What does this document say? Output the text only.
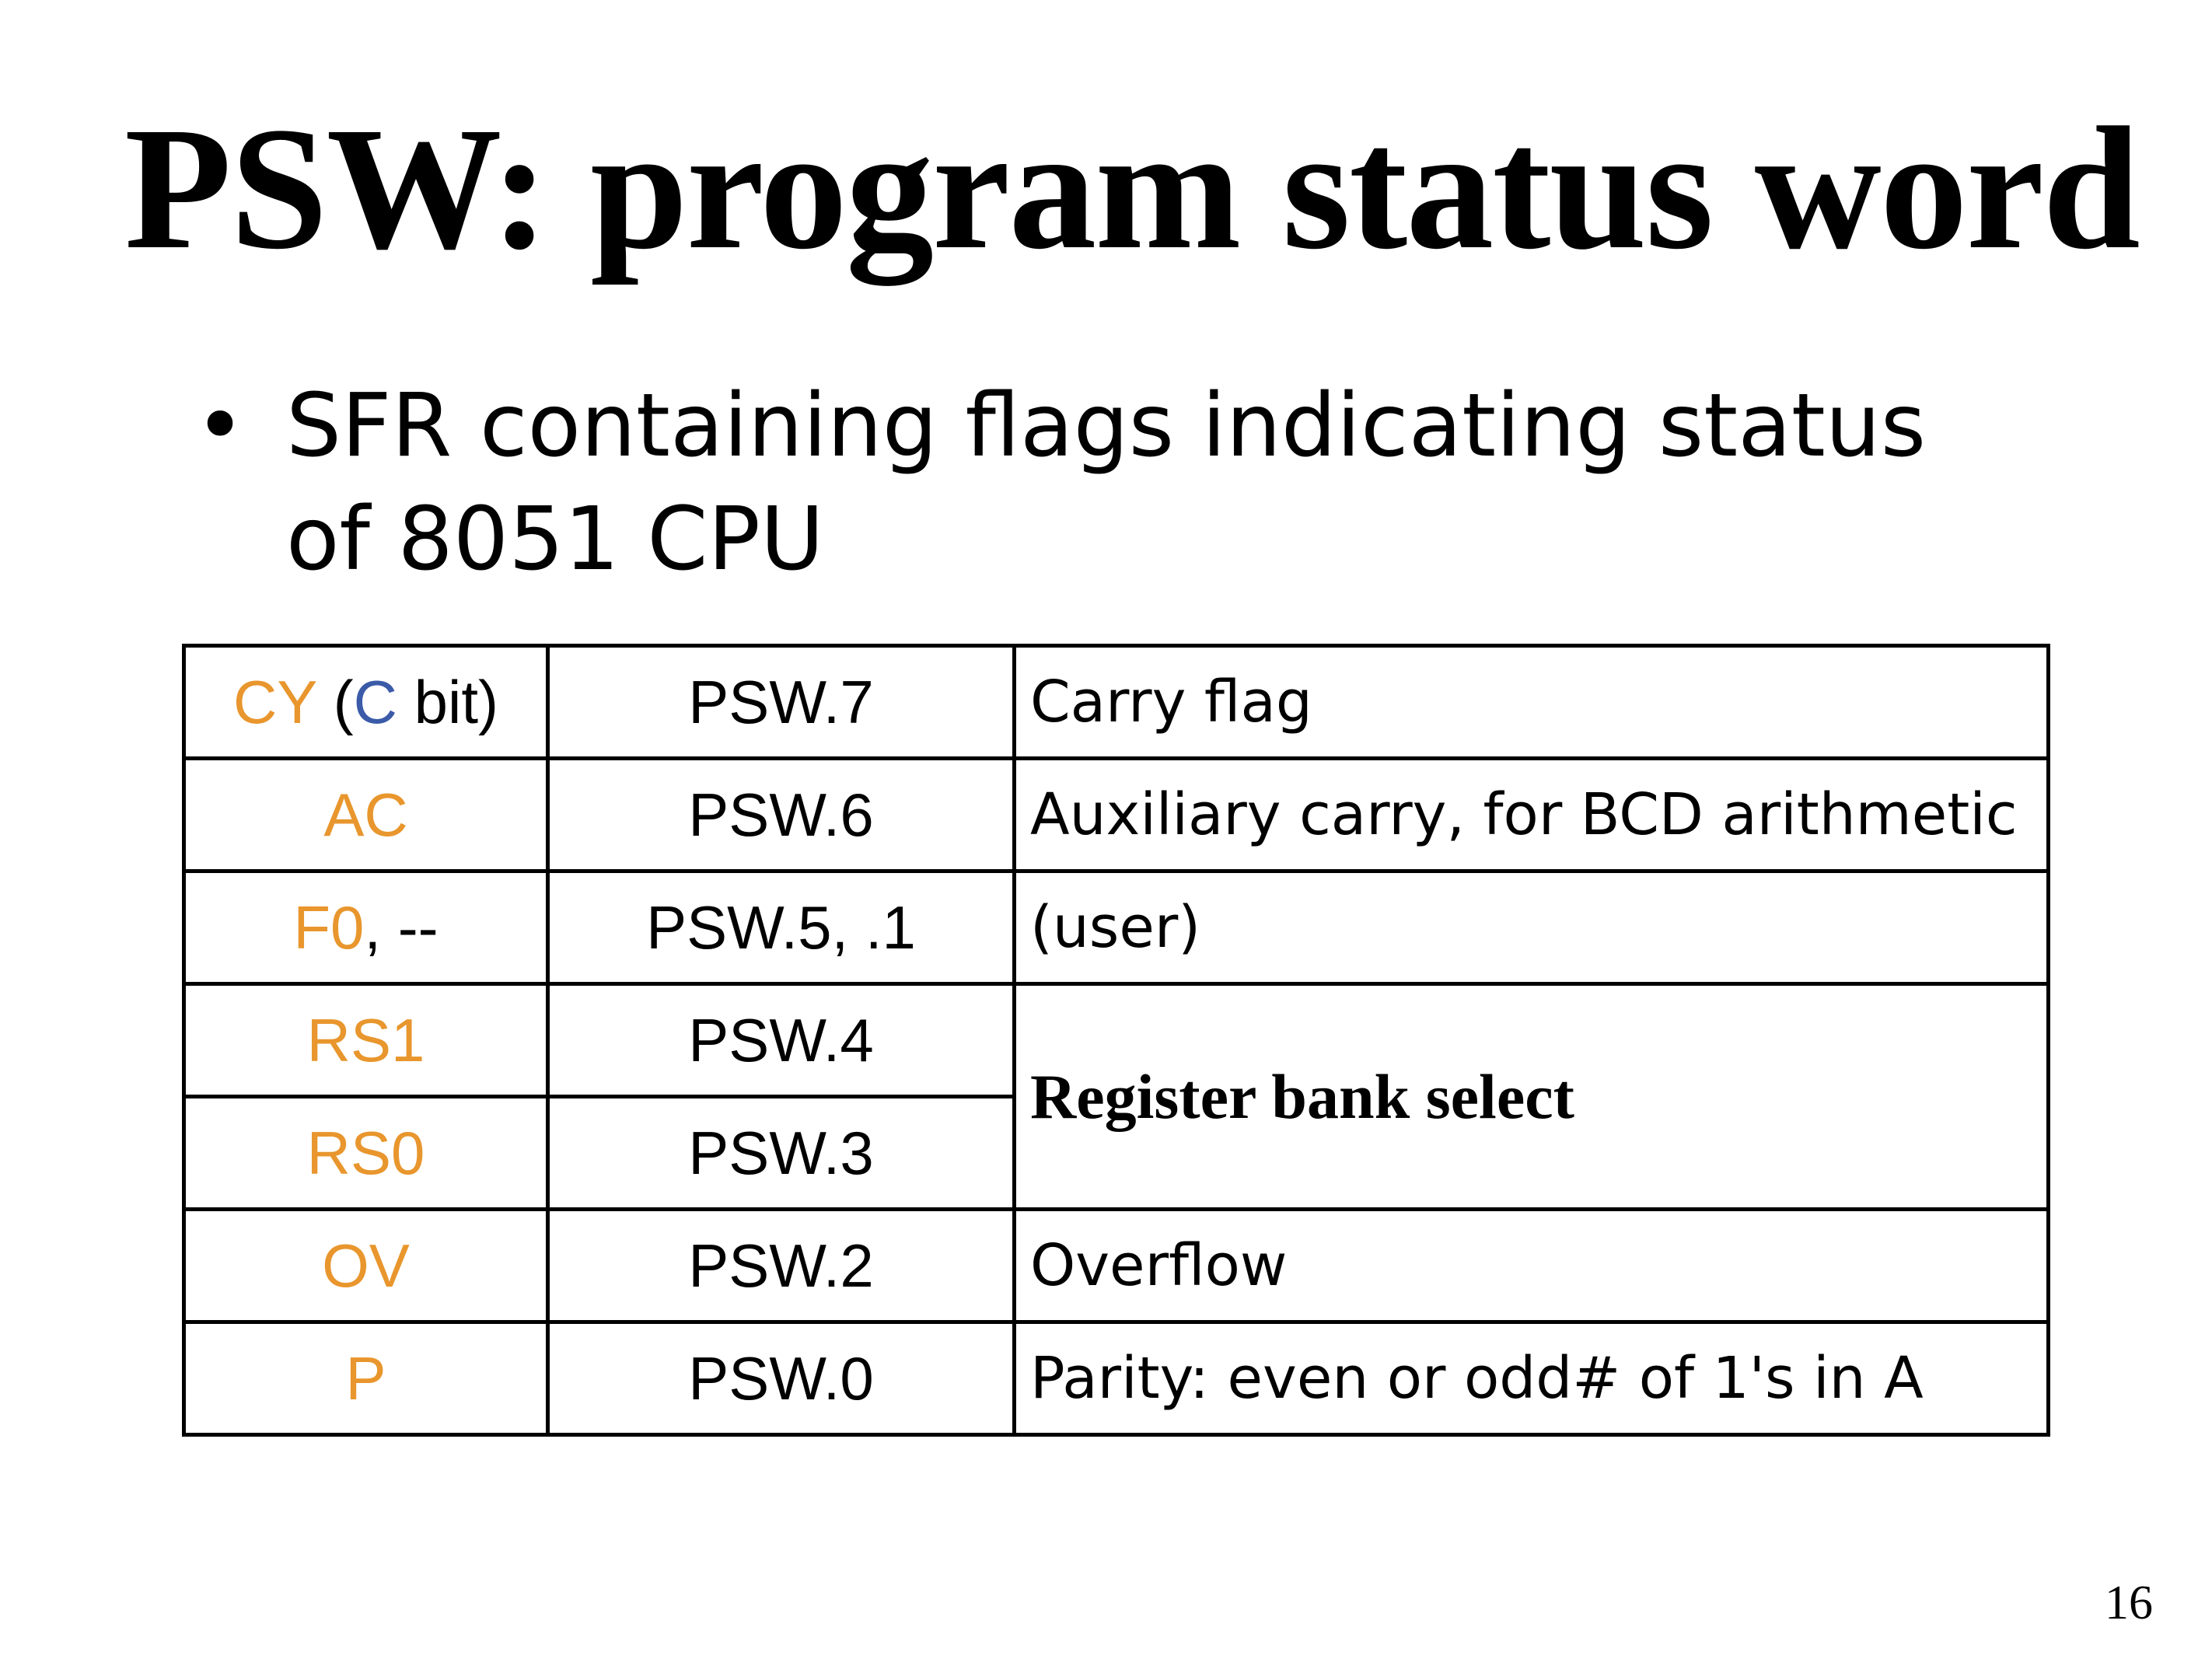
PSW: program status word
• SFR containing flags indicating status of 8051 CPU
CY (C bit)	PSW.7	Carry flag
AC	PSW.6	Auxiliary carry, for BCD arithmetic
F0, --	PSW.5, .1	(user)
RS1	PSW.4	Register bank select
RS0	PSW.3	
OV	PSW.2	Overflow
P	PSW.0	Parity: even or odd# of 1's in A
16
